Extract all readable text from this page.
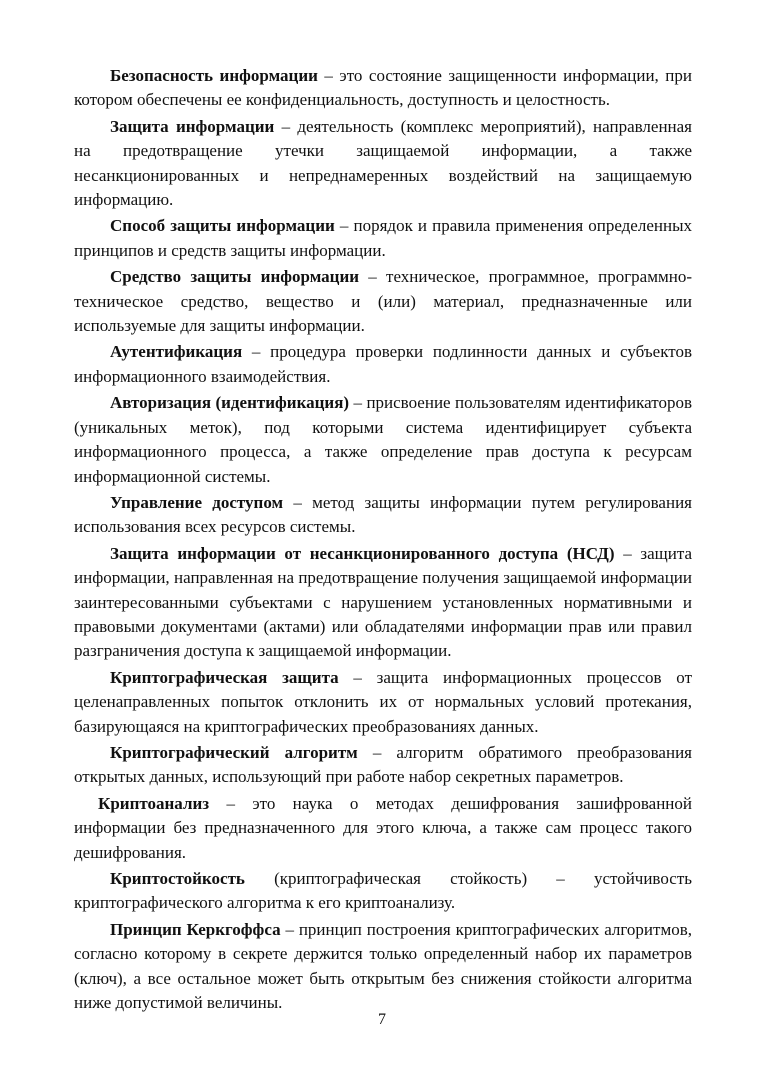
Безопасность информации – это состояние защищенности информации, при котором обеспечены ее конфиденциальность, доступность и целостность.

Защита информации – деятельность (комплекс мероприятий), направленная на предотвращение утечки защищаемой информации, а также несанкционированных и непреднамеренных воздействий на защищаемую информацию.

Способ защиты информации – порядок и правила применения определенных принципов и средств защиты информации.

Средство защиты информации – техническое, программное, программно-техническое средство, вещество и (или) материал, предназначенные или используемые для защиты информации.

Аутентификация – процедура проверки подлинности данных и субъектов информационного взаимодействия.

Авторизация (идентификация) – присвоение пользователям идентификаторов (уникальных меток), под которыми система идентифицирует субъекта информационного процесса, а также определение прав доступа к ресурсам информационной системы.

Управление доступом – метод защиты информации путем регулирования использования всех ресурсов системы.

Защита информации от несанкционированного доступа (НСД) – защита информации, направленная на предотвращение получения защищаемой информации заинтересованными субъектами с нарушением установленных нормативными и правовыми документами (актами) или обладателями информации прав или правил разграничения доступа к защищаемой информации.

Криптографическая защита – защита информационных процессов от целенаправленных попыток отклонить их от нормальных условий протекания, базирующаяся на криптографических преобразованиях данных.

Криптографический алгоритм – алгоритм обратимого преобразования открытых данных, использующий при работе набор секретных параметров.

Криптоанализ – это наука о методах дешифрования зашифрованной информации без предназначенного для этого ключа, а также сам процесс такого дешифрования.

Криптостойкость (криптографическая стойкость) – устойчивость криптографического алгоритма к его криптоанализу.

Принцип Керкгоффса – принцип построения криптографических алгоритмов, согласно которому в секрете держится только определенный набор их параметров (ключ), а все остальное может быть открытым без снижения стойкости алгоритма ниже допустимой величины.

7
